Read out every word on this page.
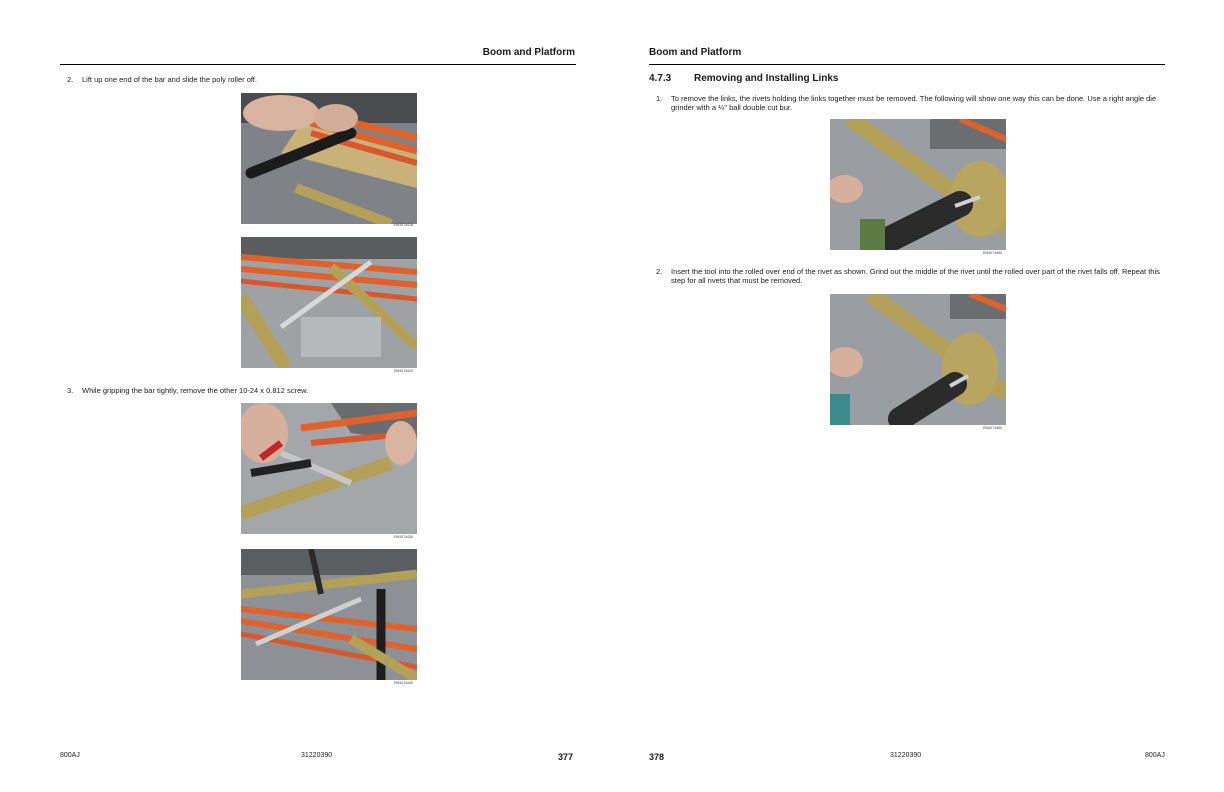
Boom and Platform
2. Lift up one end of the bar and slide the poly roller off.
EM1074418
EM1074420
3. While gripping the bar tightly, remove the other 10-24 x 0.812 screw.
EM1074430
EM1074440
800AJ	31220390	377
Boom and Platform
4.7.3 Removing and Installing Links
1. To remove the links, the rivets holding the links together must be removed. The following will show one way this can be done. Use a right angle die grinder with a ¼" ball double cut bur.
EM1074450
2. Insert the tool into the rolled over end of the rivet as shown. Grind out the middle of the rivet until the rolled over part of the rivet falls off. Repeat this step for all rivets that must be removed.
EM1074460
378	31220390	800AJ
